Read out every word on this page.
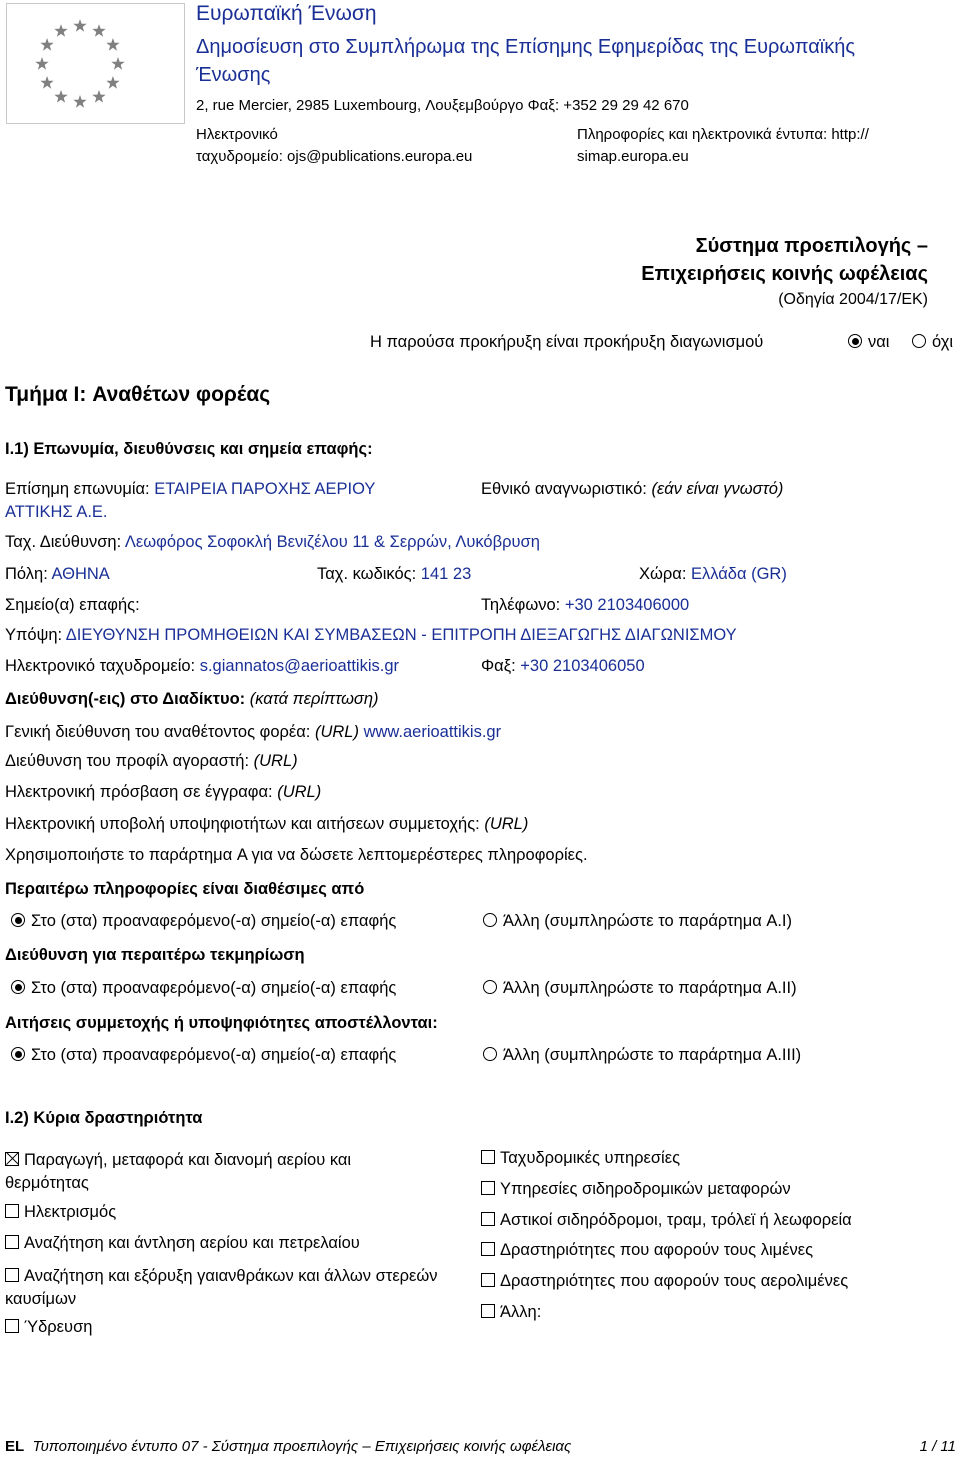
Ευρωπαϊκή Ένωση
Δημοσίευση στο Συμπλήρωμα της Επίσημης Εφημερίδας της Ευρωπαϊκής
Ένωσης
2, rue Mercier, 2985 Luxembourg, Λουξεμβούργο Φαξ: +352 29 29 42 670
Ηλεκτρονικό
ταχυδρομείο: ojs@publications.europa.eu
Πληροφορίες και ηλεκτρονικά έντυπα: http://
simap.europa.eu
Σύστημα προεπιλογής –
Επιχειρήσεις κοινής ωφέλειας
(Οδηγία 2004/17/ΕΚ)
Η παρούσα προκήρυξη είναι προκήρυξη διαγωνισμού	ναι	όχι
Τμήμα I: Αναθέτων φορέας
I.1) Επωνυμία, διευθύνσεις και σημεία επαφής:
Επίσημη επωνυμία: ΕΤΑΙΡΕΙΑ ΠΑΡΟΧΗΣ ΑΕΡΙΟΥ
ΑΤΤΙΚΗΣ Α.Ε.
Εθνικό αναγνωριστικό: (εάν είναι γνωστό)
Ταχ. Διεύθυνση: Λεωφόρος Σοφοκλή Βενιζέλου 11 & Σερρών, Λυκόβρυση
Πόλη: ΑΘΗΝΑ	Ταχ. κωδικός: 141 23	Χώρα: Ελλάδα (GR)
Σημείο(α) επαφής:	Τηλέφωνο: +30 2103406000
Υπόψη: ΔΙΕΥΘΥΝΣΗ ΠΡΟΜΗΘΕΙΩΝ ΚΑΙ ΣΥΜΒΑΣΕΩΝ - ΕΠΙΤΡΟΠΗ ΔΙΕΞΑΓΩΓΗΣ ΔΙΑΓΩΝΙΣΜΟΥ
Ηλεκτρονικό ταχυδρομείο: s.giannatos@aerioattikis.gr	Φαξ: +30 2103406050
Διεύθυνση(-εις) στο Διαδίκτυο: (κατά περίπτωση)
Γενική διεύθυνση του αναθέτοντος φορέα: (URL) www.aerioattikis.gr
Διεύθυνση του προφίλ αγοραστή: (URL)
Ηλεκτρονική πρόσβαση σε έγγραφα: (URL)
Ηλεκτρονική υποβολή υποψηφιοτήτων και αιτήσεων συμμετοχής: (URL)
Χρησιμοποιήστε το παράρτημα A για να δώσετε λεπτομερέστερες πληροφορίες.
Περαιτέρω πληροφορίες είναι διαθέσιμες από
Στο (στα) προαναφερόμενο(-α) σημείο(-α) επαφής	Άλλη (συμπληρώστε το παράρτημα A.I)
Διεύθυνση για περαιτέρω τεκμηρίωση
Στο (στα) προαναφερόμενο(-α) σημείο(-α) επαφής	Άλλη (συμπληρώστε το παράρτημα A.II)
Αιτήσεις συμμετοχής ή υποψηφιότητες αποστέλλονται:
Στο (στα) προαναφερόμενο(-α) σημείο(-α) επαφής	Άλλη (συμπληρώστε το παράρτημα A.III)
I.2) Κύρια δραστηριότητα
Παραγωγή, μεταφορά και διανομή αερίου και θερμότητας
Ηλεκτρισμός
Αναζήτηση και άντληση αερίου και πετρελαίου
Αναζήτηση και εξόρυξη γαιανθράκων και άλλων στερεών καυσίμων
Ύδρευση
Ταχυδρομικές υπηρεσίες
Υπηρεσίες σιδηροδρομικών μεταφορών
Αστικοί σιδηρόδρομοι, τραμ, τρόλεϊ ή λεωφορεία
Δραστηριότητες που αφορούν τους λιμένες
Δραστηριότητες που αφορούν τους αερολιμένες
Άλλη:
EL Τυποποιημένο έντυπο 07 - Σύστημα προεπιλογής – Επιχειρήσεις κοινής ωφέλειας	1 / 11
